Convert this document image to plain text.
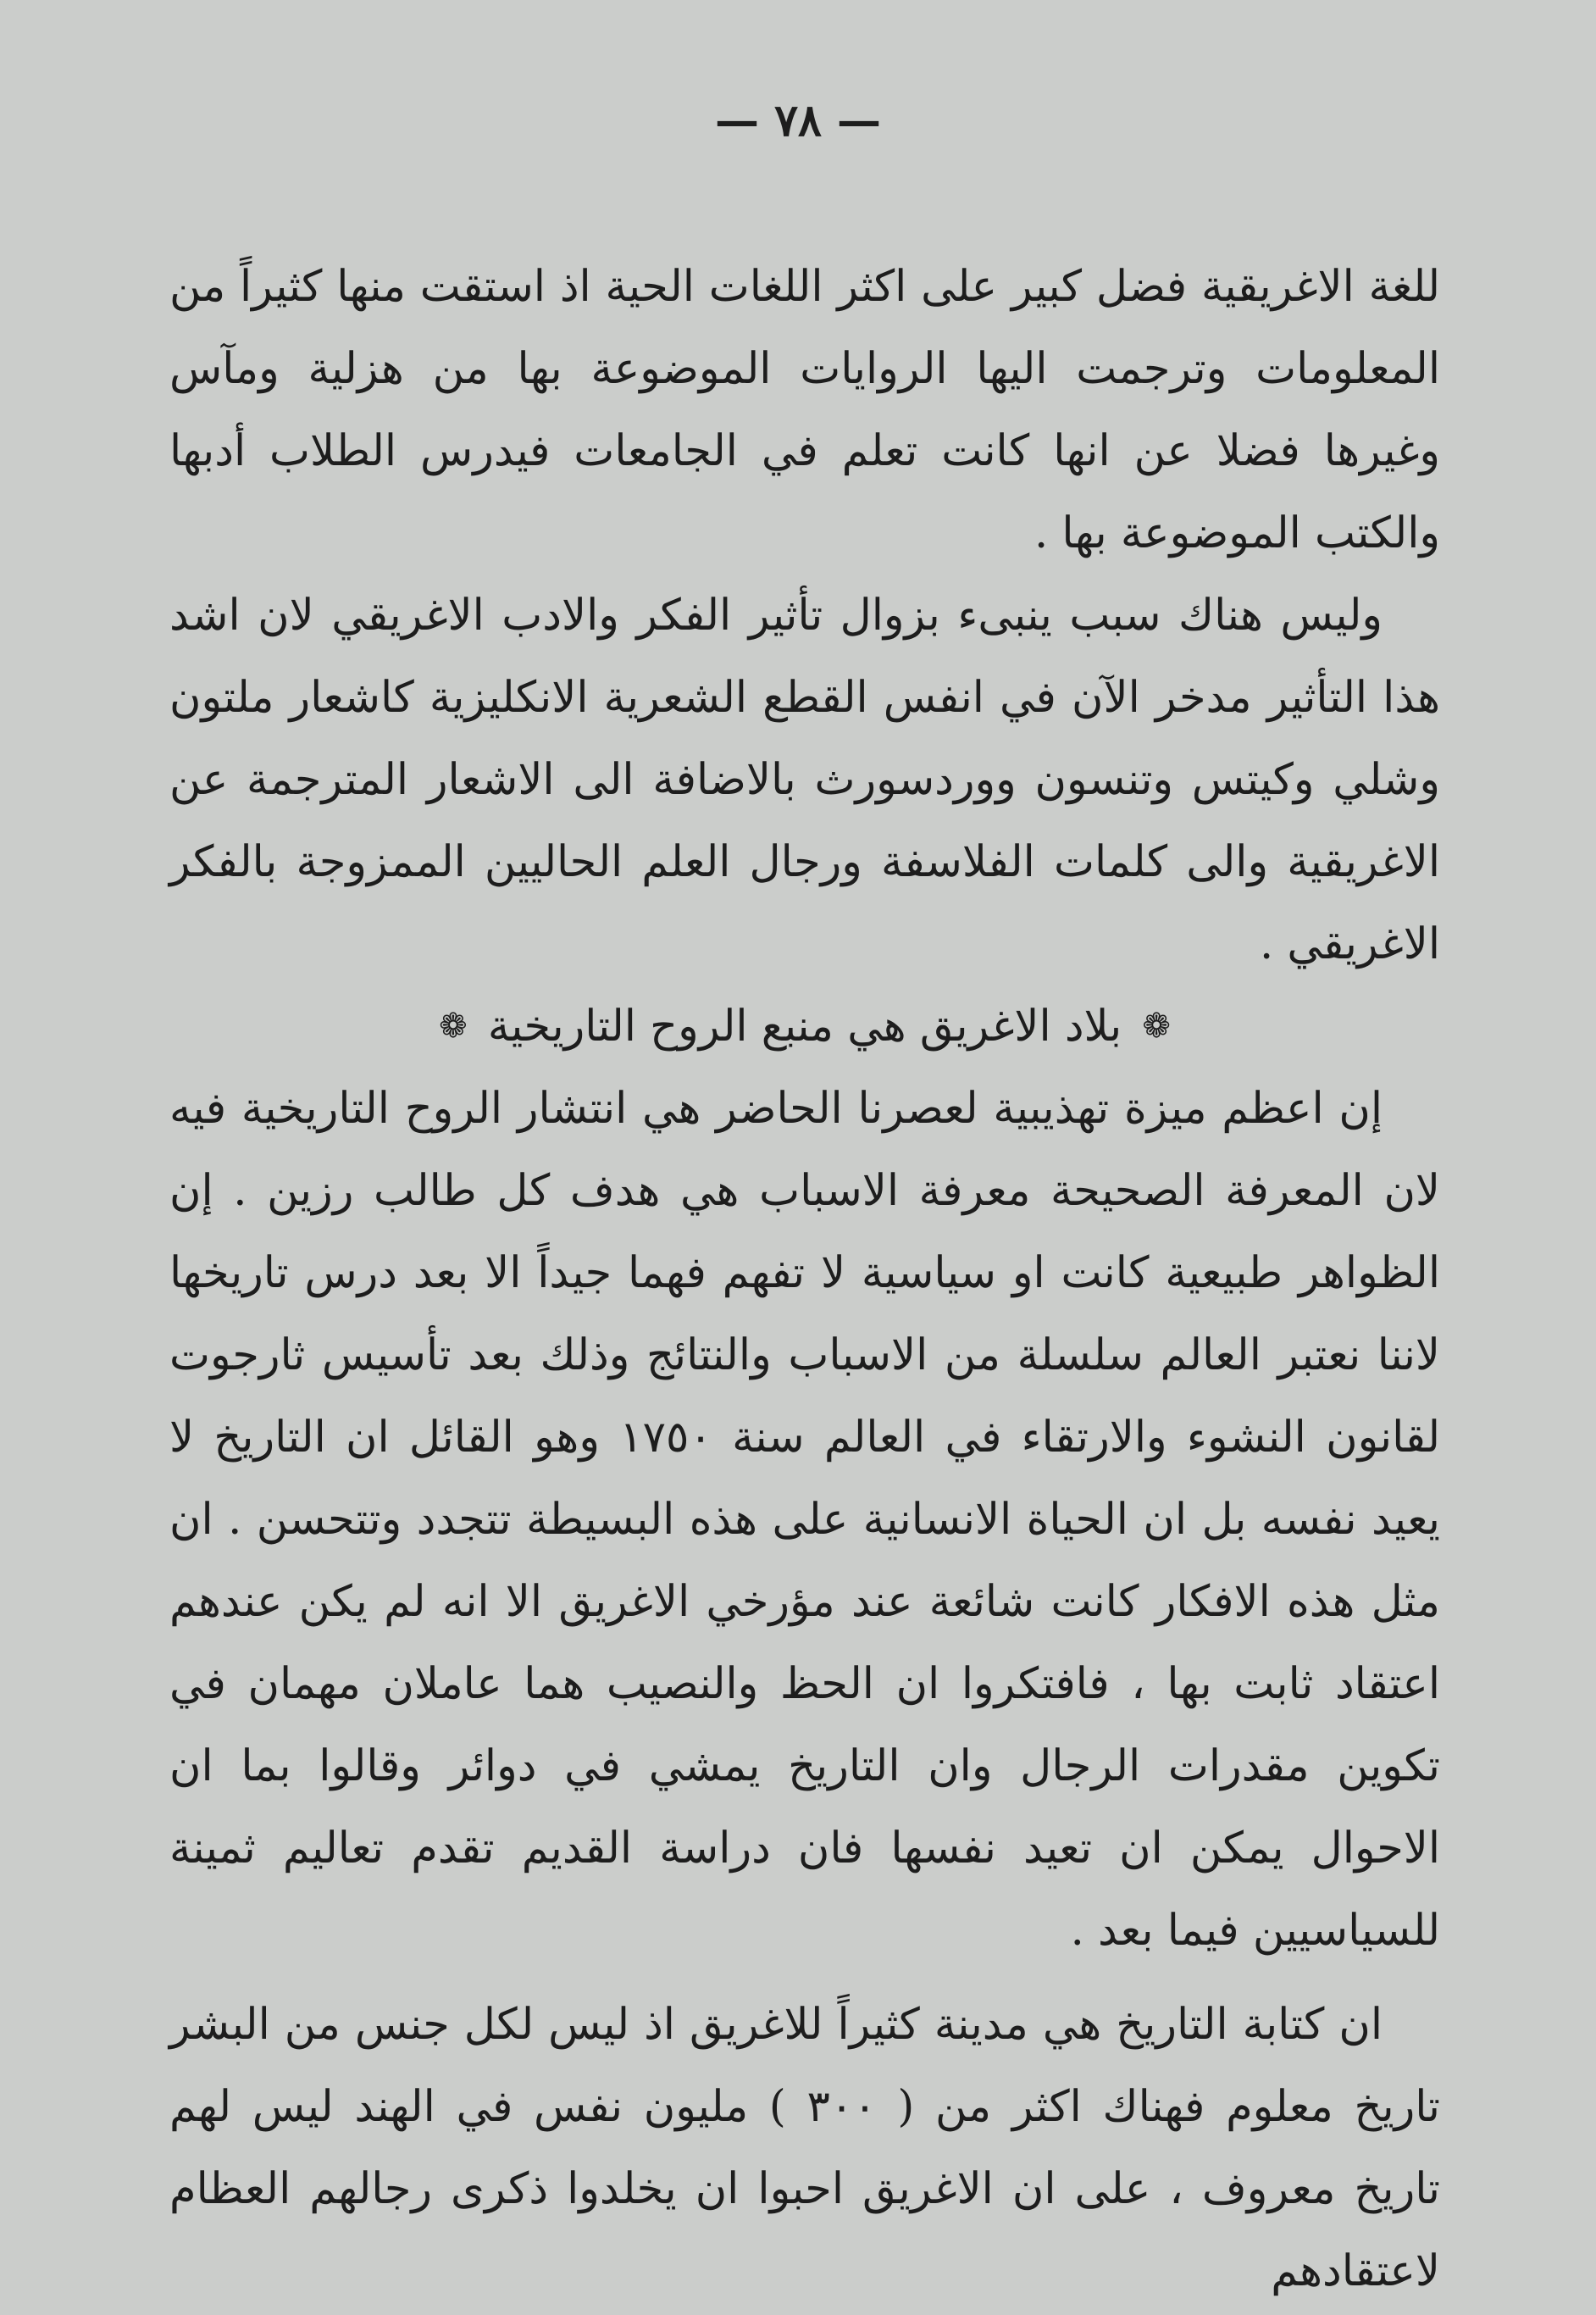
— ٧٨ —

للغة الاغريقية فضل كبير على اكثر اللغات الحية اذ استقت منها كثيراً من المعلومات وترجمت اليها الروايات الموضوعة بها من هزلية ومآس وغيرها فضلا عن انها كانت تعلم في الجامعات فيدرس الطلاب أدبها والكتب الموضوعة بها .

وليس هناك سبب ينبىء بزوال تأثير الفكر والادب الاغريقي لان اشد هذا التأثير مدخر الآن في انفس القطع الشعرية الانكليزية كاشعار ملتون وشلي وكيتس وتنسون ووردسورث بالاضافة الى الاشعار المترجمة عن الاغريقية والى كلمات الفلاسفة ورجال العلم الحاليين الممزوجة بالفكر الاغريقي .

❁ بلاد الاغريق هي منبع الروح التاريخية ❁

إن اعظم ميزة تهذيبية لعصرنا الحاضر هي انتشار الروح التاريخية فيه لان المعرفة الصحيحة معرفة الاسباب هي هدف كل طالب رزين . إن الظواهر طبيعية كانت او سياسية لا تفهم فهما جيداً الا بعد درس تاريخها لاننا نعتبر العالم سلسلة من الاسباب والنتائج وذلك بعد تأسيس ثارجوت لقانون النشوء والارتقاء في العالم سنة ١٧٥٠ وهو القائل ان التاريخ لا يعيد نفسه بل ان الحياة الانسانية على هذه البسيطة تتجدد وتتحسن . ان مثل هذه الافكار كانت شائعة عند مؤرخي الاغريق الا انه لم يكن عندهم اعتقاد ثابت بها ، فافتكروا ان الحظ والنصيب هما عاملان مهمان في تكوين مقدرات الرجال وان التاريخ يمشي في دوائر وقالوا بما ان الاحوال يمكن ان تعيد نفسها فان دراسة القديم تقدم تعاليم ثمينة للسياسيين فيما بعد .

ان كتابة التاريخ هي مدينة كثيراً للاغريق اذ ليس لكل جنس من البشر تاريخ معلوم فهناك اكثر من ( ٣٠٠ ) مليون نفس في الهند ليس لهم تاريخ معروف ، على ان الاغريق احبوا ان يخلدوا ذكرى رجالهم العظام لاعتقادهم
